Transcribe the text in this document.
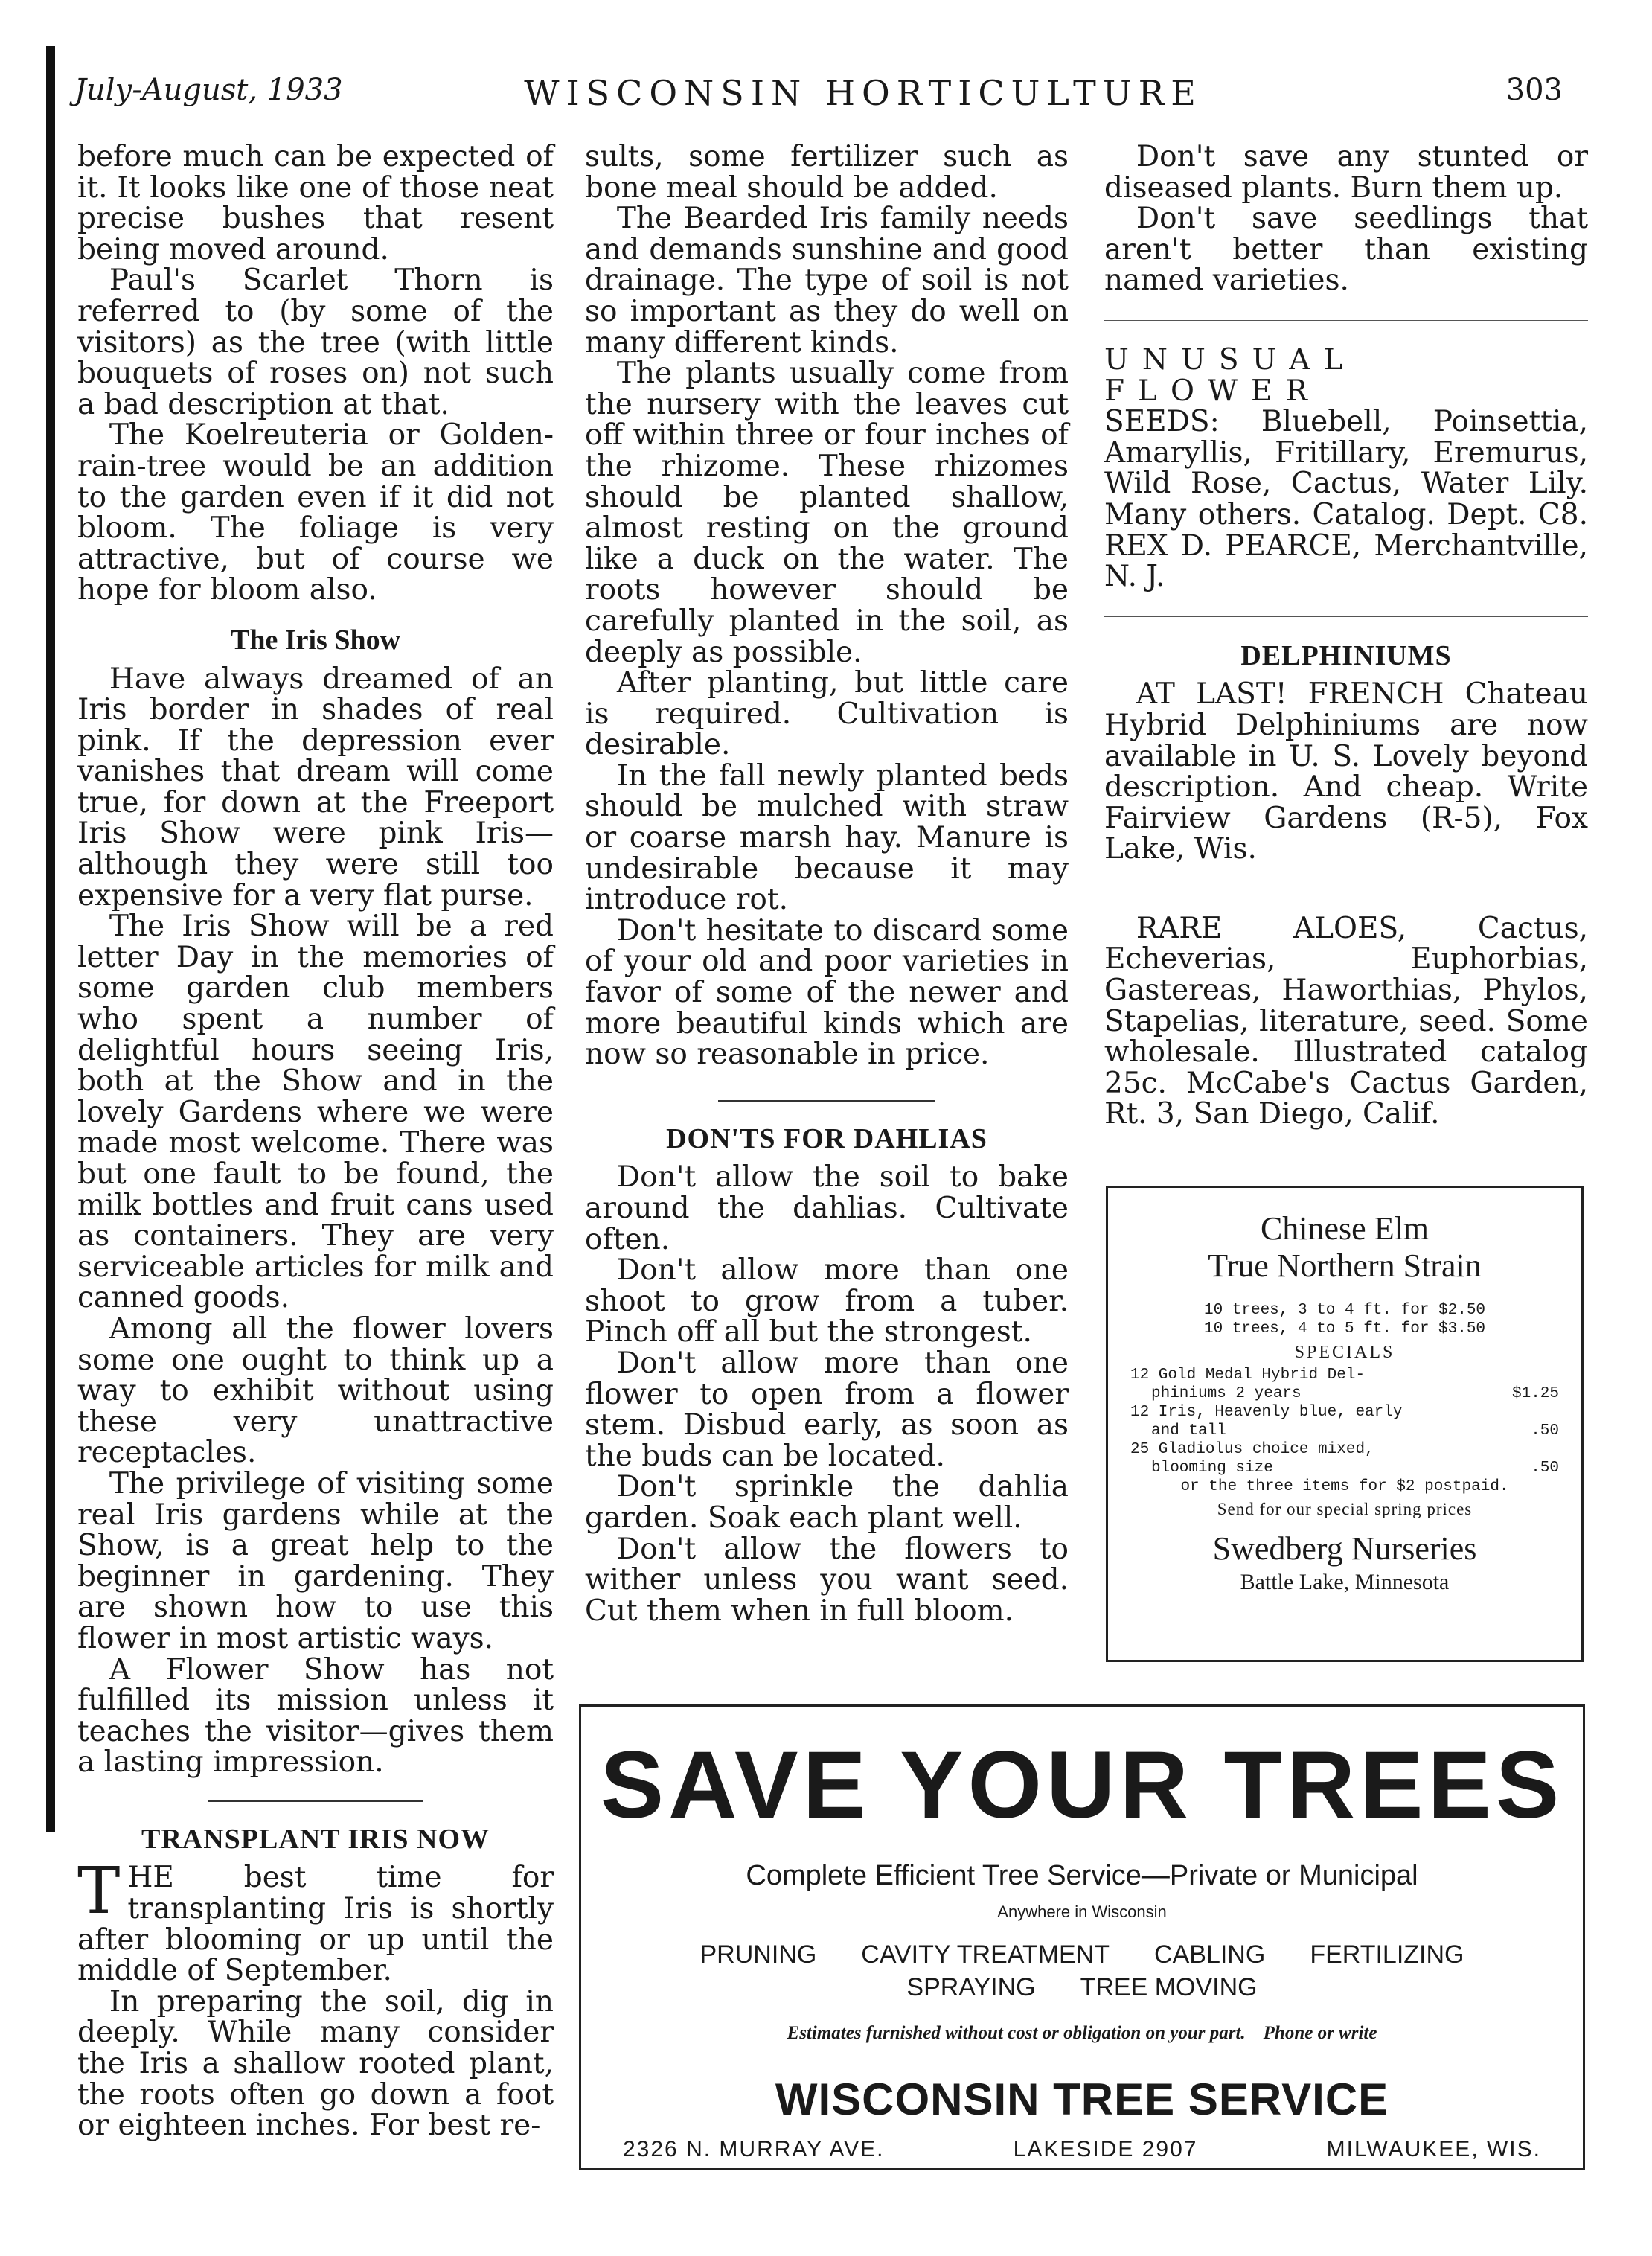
July-August, 1933	WISCONSIN HORTICULTURE	303

before much can be expected of it. It looks like one of those neat precise bushes that resent being moved around.

Paul's Scarlet Thorn is referred to (by some of the visitors) as the tree (with little bouquets of roses on) not such a bad description at that.

The Koelreuteria or Golden-rain-tree would be an addition to the garden even if it did not bloom. The foliage is very attractive, but of course we hope for bloom also.

The Iris Show

Have always dreamed of an Iris border in shades of real pink. If the depression ever vanishes that dream will come true, for down at the Freeport Iris Show were pink Iris—although they were still too expensive for a very flat purse.

The Iris Show will be a red letter Day in the memories of some garden club members who spent a number of delightful hours seeing Iris, both at the Show and in the lovely Gardens where we were made most welcome. There was but one fault to be found, the milk bottles and fruit cans used as containers. They are very serviceable articles for milk and canned goods.

Among all the flower lovers some one ought to think up a way to exhibit without using these very unattractive receptacles.

The privilege of visiting some real Iris gardens while at the Show, is a great help to the beginner in gardening. They are shown how to use this flower in most artistic ways.

A Flower Show has not fulfilled its mission unless it teaches the visitor—gives them a lasting impression.

TRANSPLANT IRIS NOW

THE best time for transplanting Iris is shortly after blooming or up until the middle of September.

In preparing the soil, dig in deeply. While many consider the Iris a shallow rooted plant, the roots often go down a foot or eighteen inches. For best re-

sults, some fertilizer such as bone meal should be added.

The Bearded Iris family needs and demands sunshine and good drainage. The type of soil is not so important as they do well on many different kinds.

The plants usually come from the nursery with the leaves cut off within three or four inches of the rhizome. These rhizomes should be planted shallow, almost resting on the ground like a duck on the water. The roots however should be carefully planted in the soil, as deeply as possible.

After planting, but little care is required. Cultivation is desirable.

In the fall newly planted beds should be mulched with straw or coarse marsh hay. Manure is undesirable because it may introduce rot.

Don't hesitate to discard some of your old and poor varieties in favor of some of the newer and more beautiful kinds which are now so reasonable in price.

DON'TS FOR DAHLIAS

Don't allow the soil to bake around the dahlias. Cultivate often.

Don't allow more than one shoot to grow from a tuber. Pinch off all but the strongest.

Don't allow more than one flower to open from a flower stem. Disbud early, as soon as the buds can be located.

Don't sprinkle the dahlia garden. Soak each plant well.

Don't allow the flowers to wither unless you want seed. Cut them when in full bloom.

Don't save any stunted or diseased plants. Burn them up.

Don't save seedlings that aren't better than existing named varieties.

UNUSUAL FLOWER
SEEDS: Bluebell, Poinsettia, Amaryllis, Fritillary, Eremurus, Wild Rose, Cactus, Water Lily. Many others. Catalog. Dept. C8. REX D. PEARCE, Merchantville, N. J.

DELPHINIUMS

AT LAST! FRENCH Chateau Hybrid Delphiniums are now available in U. S. Lovely beyond description. And cheap. Write Fairview Gardens (R-5), Fox Lake, Wis.

RARE ALOES, Cactus, Echeverias, Euphorbias, Gastereas, Haworthias, Phylos, Stapelias, literature, seed. Some wholesale. Illustrated catalog 25c. McCabe's Cactus Garden, Rt. 3, San Diego, Calif.

Chinese Elm
True Northern Strain
10 trees, 3 to 4 ft. for $2.50
10 trees, 4 to 5 ft. for $3.50
SPECIALS
12 Gold Medal Hybrid Del-
phiniums 2 years	$1.25
12 Iris, Heavenly blue, early
and tall	.50
25 Gladiolus choice mixed,
blooming size	.50
or the three items for $2 postpaid.
Send for our special spring prices
Swedberg Nurseries
Battle Lake, Minnesota
SAVE YOUR TREES
Complete Efficient Tree Service—Private or Municipal
Anywhere in Wisconsin
PRUNING CAVITY TREATMENT CABLING FERTILIZING
SPRAYING TREE MOVING
Estimates furnished without cost or obligation on your part. Phone or write
WISCONSIN TREE SERVICE
2326 N. MURRAY AVE.	LAKESIDE 2907	MILWAUKEE, WIS.
